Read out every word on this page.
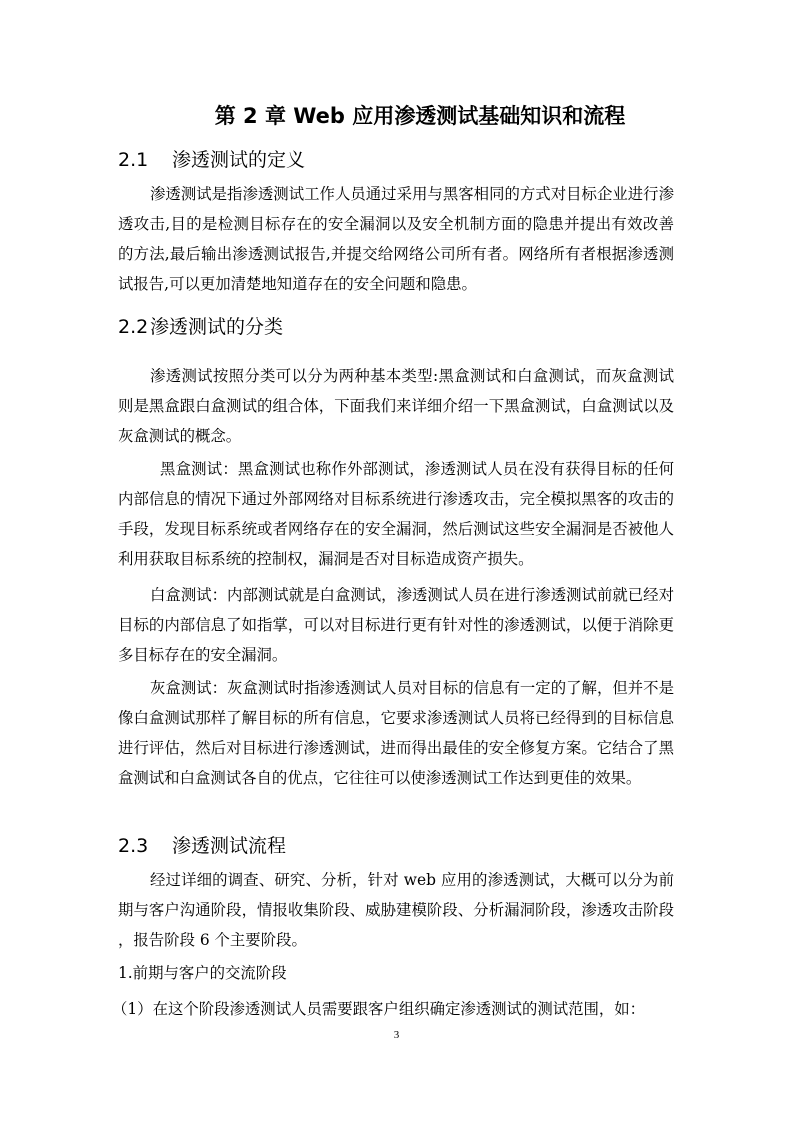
第 2 章 Web 应用渗透测试基础知识和流程
2.1 渗透测试的定义

渗透测试是指渗透测试工作人员通过采用与黑客相同的方式对目标企业进行渗透攻击,目的是检测目标存在的安全漏洞以及安全机制方面的隐患并提出有效改善的方法,最后输出渗透测试报告,并提交给网络公司所有者。网络所有者根据渗透测试报告,可以更加清楚地知道存在的安全问题和隐患。

2.2渗透测试的分类

渗透测试按照分类可以分为两种基本类型:黑盒测试和白盒测试，而灰盒测试则是黑盒跟白盒测试的组合体，下面我们来详细介绍一下黑盒测试，白盒测试以及灰盒测试的概念。

黑盒测试：黑盒测试也称作外部测试，渗透测试人员在没有获得目标的任何内部信息的情况下通过外部网络对目标系统进行渗透攻击，完全模拟黑客的攻击的手段，发现目标系统或者网络存在的安全漏洞，然后测试这些安全漏洞是否被他人利用获取目标系统的控制权，漏洞是否对目标造成资产损失。

白盒测试：内部测试就是白盒测试，渗透测试人员在进行渗透测试前就已经对目标的内部信息了如指掌，可以对目标进行更有针对性的渗透测试，以便于消除更多目标存在的安全漏洞。

灰盒测试：灰盒测试时指渗透测试人员对目标的信息有一定的了解，但并不是像白盒测试那样了解目标的所有信息，它要求渗透测试人员将已经得到的目标信息进行评估，然后对目标进行渗透测试，进而得出最佳的安全修复方案。它结合了黑盒测试和白盒测试各自的优点，它往往可以使渗透测试工作达到更佳的效果。

2.3 渗透测试流程

经过详细的调查、研究、分析，针对 web 应用的渗透测试，大概可以分为前期与客户沟通阶段，情报收集阶段、威胁建模阶段、分析漏洞阶段，渗透攻击阶段 ，报告阶段 6 个主要阶段。

1.前期与客户的交流阶段

（1）在这个阶段渗透测试人员需要跟客户组织确定渗透测试的测试范围，如：

3
